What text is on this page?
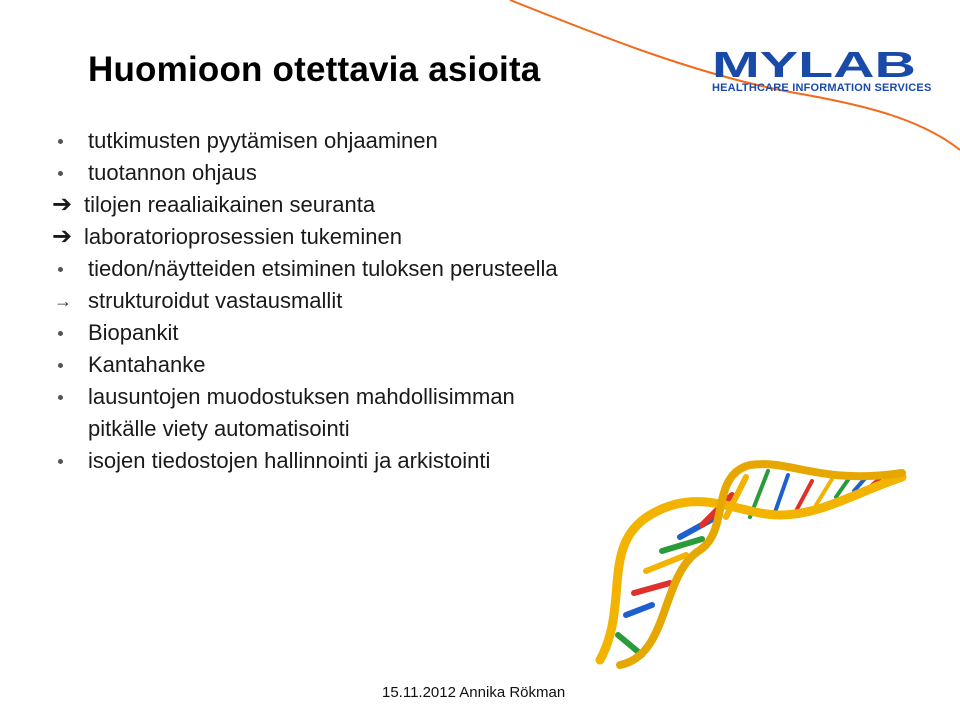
MYLAB
HEALTHCARE INFORMATION SERVICES
Huomioon otettavia asioita
tutkimusten pyytämisen ohjaaminen
tuotannon ohjaus
➔ tilojen reaaliaikainen seuranta
➔ laboratorioprosessien tukeminen
tiedon/näytteiden etsiminen tuloksen perusteella
→ strukturoidut vastausmallit
Biopankit
Kantahanke
lausuntojen muodostuksen mahdollisimman
pitkälle viety automatisointi
isojen tiedostojen hallinnointi ja arkistointi
15.11.2012 Annika Rökman
